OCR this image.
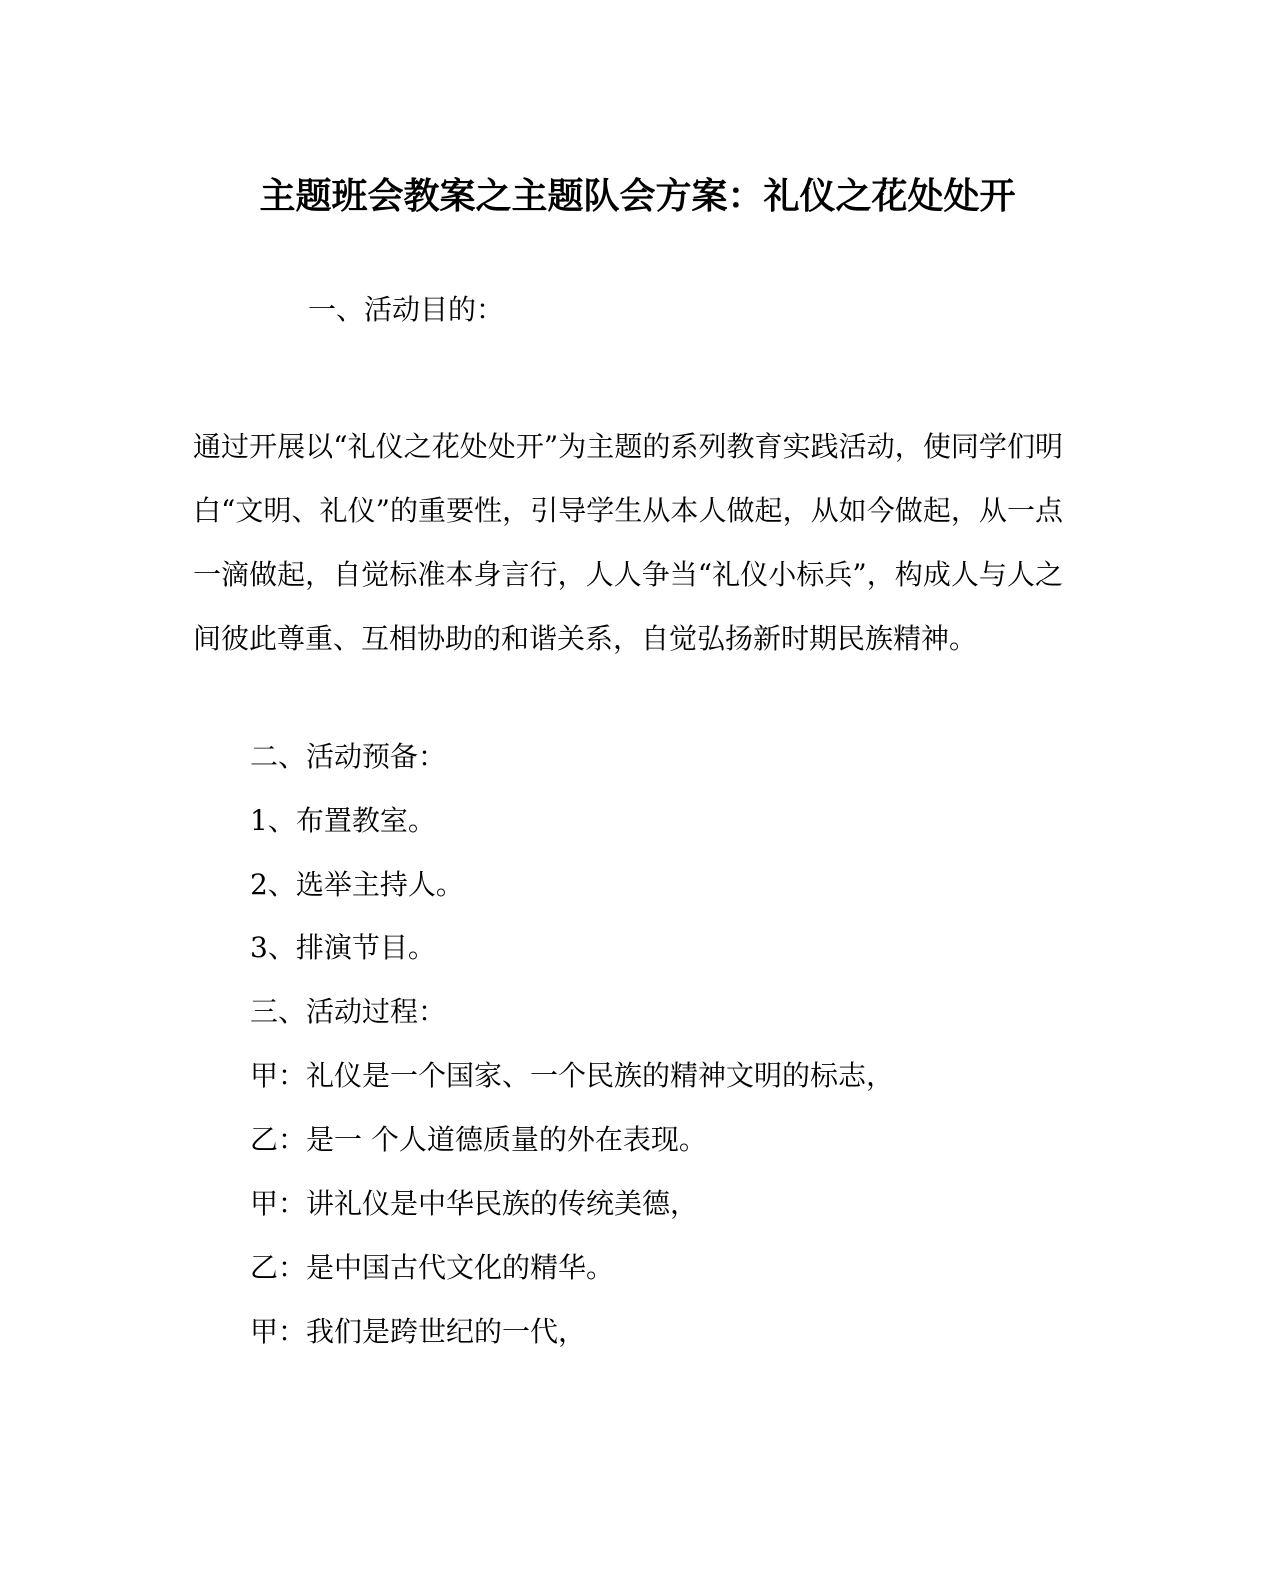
主题班会教案之主题队会方案：礼仪之花处处开
一、活动目的：
通过开展以“礼仪之花处处开”为主题的系列教育实践活动，使同学们明白“文明、礼仪”的重要性，引导学生从本人做起，从如今做起，从一点一滴做起，自觉标准本身言行，人人争当“礼仪小标兵”，构成人与人之间彼此尊重、互相协助的和谐关系，自觉弘扬新时期民族精神。
二、活动预备：
1、布置教室。
2、选举主持人。
3、排演节目。
三、活动过程：
甲：礼仪是一个国家、一个民族的精神文明的标志，
乙：是一 个人道德质量的外在表现。
甲：讲礼仪是中华民族的传统美德，
乙：是中国古代文化的精华。
甲：我们是跨世纪的一代，
